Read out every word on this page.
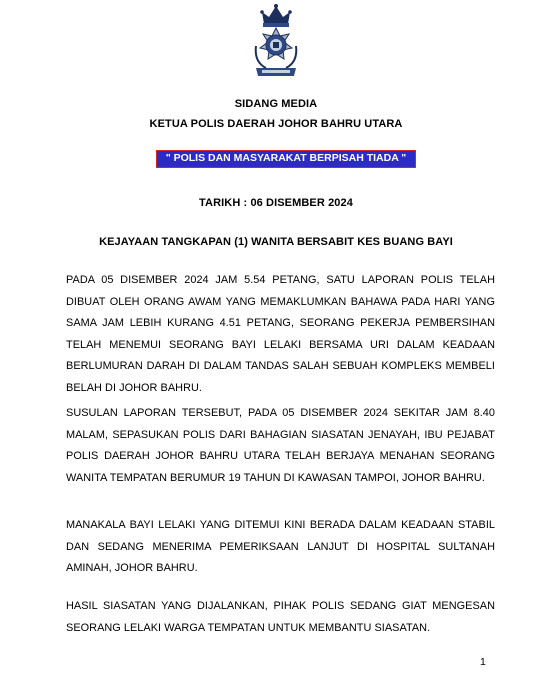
SIDANG MEDIA
KETUA POLIS DAERAH JOHOR BAHRU UTARA
" POLIS DAN MASYARAKAT BERPISAH TIADA "
TARIKH : 06 DISEMBER 2024
KEJAYAAN TANGKAPAN (1) WANITA BERSABIT KES BUANG BAYI
PADA 05 DISEMBER 2024 JAM 5.54 PETANG, SATU LAPORAN POLIS TELAH DIBUAT OLEH ORANG AWAM YANG MEMAKLUMKAN BAHAWA PADA HARI YANG SAMA JAM LEBIH KURANG 4.51 PETANG, SEORANG PEKERJA PEMBERSIHAN TELAH MENEMUI SEORANG BAYI LELAKI BERSAMA URI DALAM KEADAAN BERLUMURAN DARAH DI DALAM TANDAS SALAH SEBUAH KOMPLEKS MEMBELI BELAH DI JOHOR BAHRU.
SUSULAN LAPORAN TERSEBUT, PADA 05 DISEMBER 2024 SEKITAR JAM 8.40 MALAM, SEPASUKAN POLIS DARI BAHAGIAN SIASATAN JENAYAH, IBU PEJABAT POLIS DAERAH JOHOR BAHRU UTARA TELAH BERJAYA MENAHAN SEORANG WANITA TEMPATAN BERUMUR 19 TAHUN DI KAWASAN TAMPOI, JOHOR BAHRU.
MANAKALA BAYI LELAKI YANG DITEMUI KINI BERADA DALAM KEADAAN STABIL DAN SEDANG MENERIMA PEMERIKSAAN LANJUT DI HOSPITAL SULTANAH AMINAH, JOHOR BAHRU.
HASIL SIASATAN YANG DIJALANKAN, PIHAK POLIS SEDANG GIAT MENGESAN SEORANG LELAKI WARGA TEMPATAN UNTUK MEMBANTU SIASATAN.
1
